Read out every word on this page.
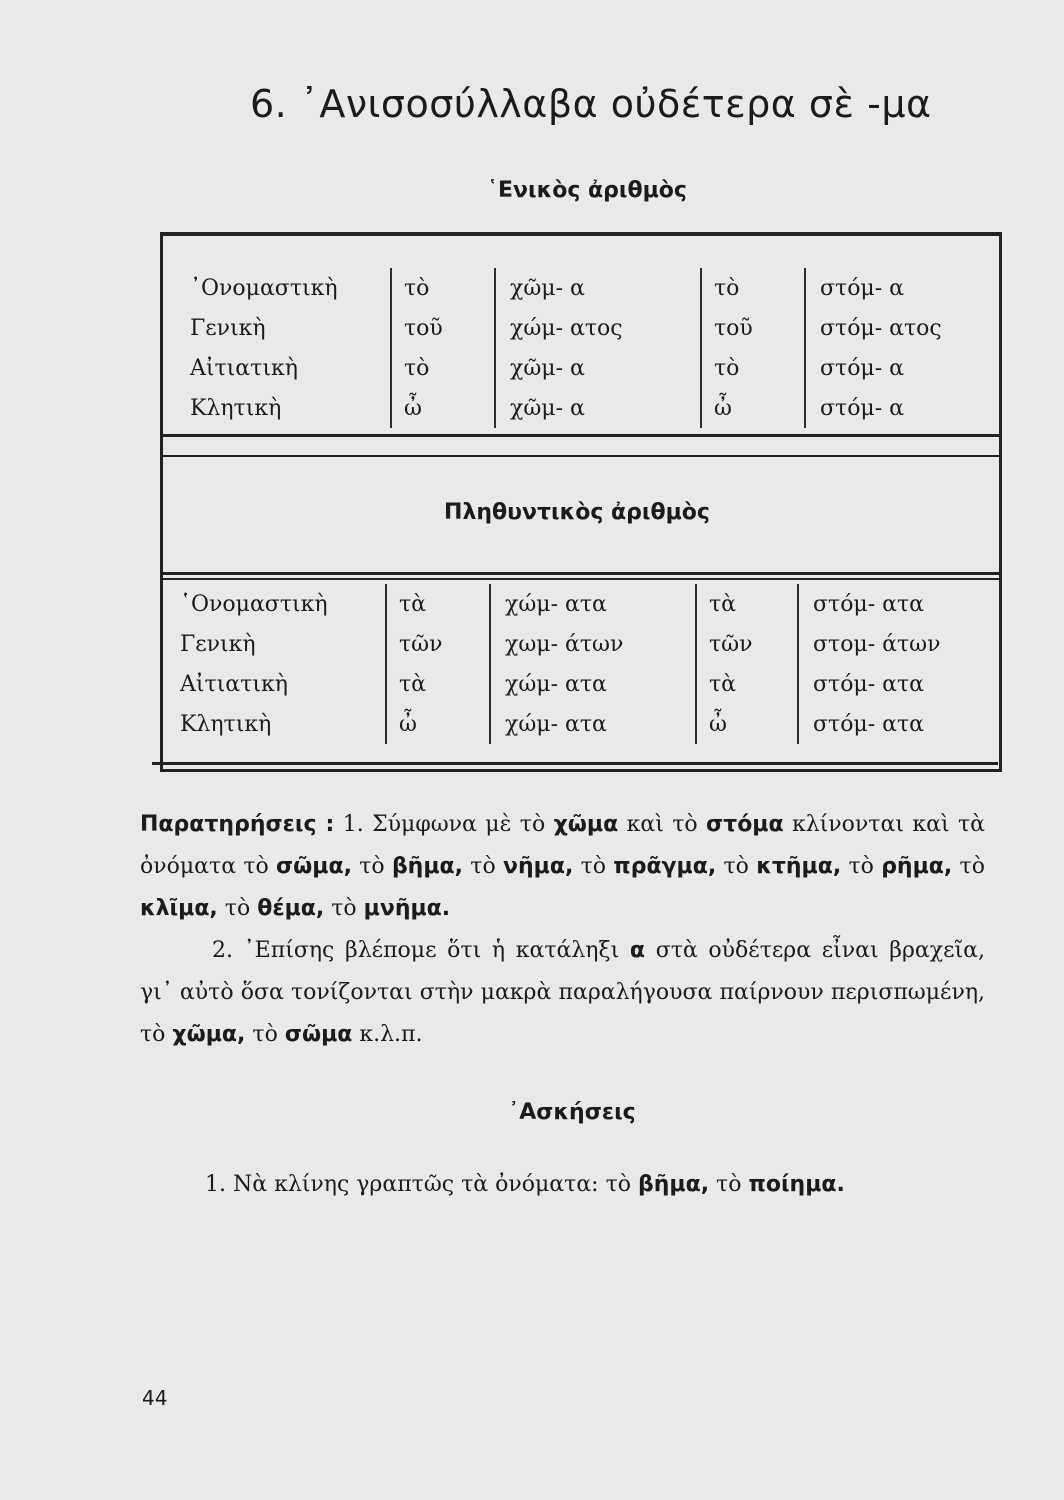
6. ᾿Ανισοσύλλαβα οὐδέτερα σὲ -μα
῾Ενικὸς ἀριθμὸς
᾿Ονομαστικὴ	τὸ	χῶμ- α	τὸ	στόμ- α
Γενικὴ	τοῦ	χώμ- ατος	τοῦ	στόμ- ατος
Αἰτιατικὴ	τὸ	χῶμ- α	τὸ	στόμ- α
Κλητικὴ	ὦ	χῶμ- α	ὦ	στόμ- α
Πληθυντικὸς ἀριθμὸς
῾Ονομαστικὴ	τὰ	χώμ- ατα	τὰ	στόμ- ατα
Γενικὴ	τῶν	χωμ- άτων	τῶν	στομ- άτων
Αἰτιατικὴ	τὰ	χώμ- ατα	τὰ	στόμ- ατα
Κλητικὴ	ὦ	χώμ- ατα	ὦ	στόμ- ατα

Παρατηρήσεις : 1. Σύμφωνα μὲ τὸ χῶμα καὶ τὸ στόμα κλίνονται καὶ τὰ ὀνόματα τὸ σῶμα, τὸ βῆμα, τὸ νῆμα, τὸ πρᾶγμα, τὸ κτῆμα, τὸ ρῆμα, τὸ κλῖμα, τὸ θέμα, τὸ μνῆμα.

2. ᾿Επίσης βλέπομε ὅτι ἡ κατάληξι α στὰ οὐδέτερα εἶναι βραχεῖα, γι᾿ αὐτὸ ὅσα τονίζονται στὴν μακρὰ παραλήγουσα παίρνουν περισπωμένη, τὸ χῶμα, τὸ σῶμα κ.λ.π.

᾿Ασκήσεις
1. Νὰ κλίνης γραπτῶς τὰ ὀνόματα: τὸ βῆμα, τὸ ποίημα.
44
